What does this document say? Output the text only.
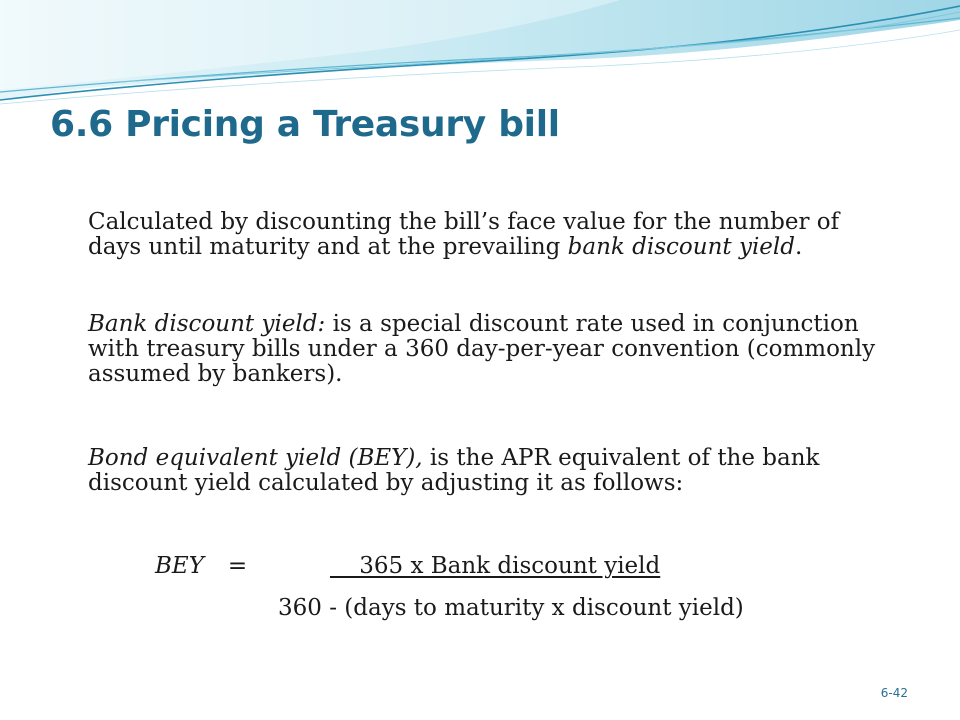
6.6 Pricing a Treasury bill

Calculated by discounting the bill’s face value for the number of days until maturity and at the prevailing bank discount yield.

Bank discount yield: is a special discount rate used in conjunction with treasury bills under a 360 day-per-year convention (commonly assumed by bankers).

Bond equivalent yield (BEY), is the APR equivalent of the bank discount yield calculated by adjusting it as follows:

BEY =	365 x Bank discount yield
360 - (days to maturity x discount yield)
6-42
